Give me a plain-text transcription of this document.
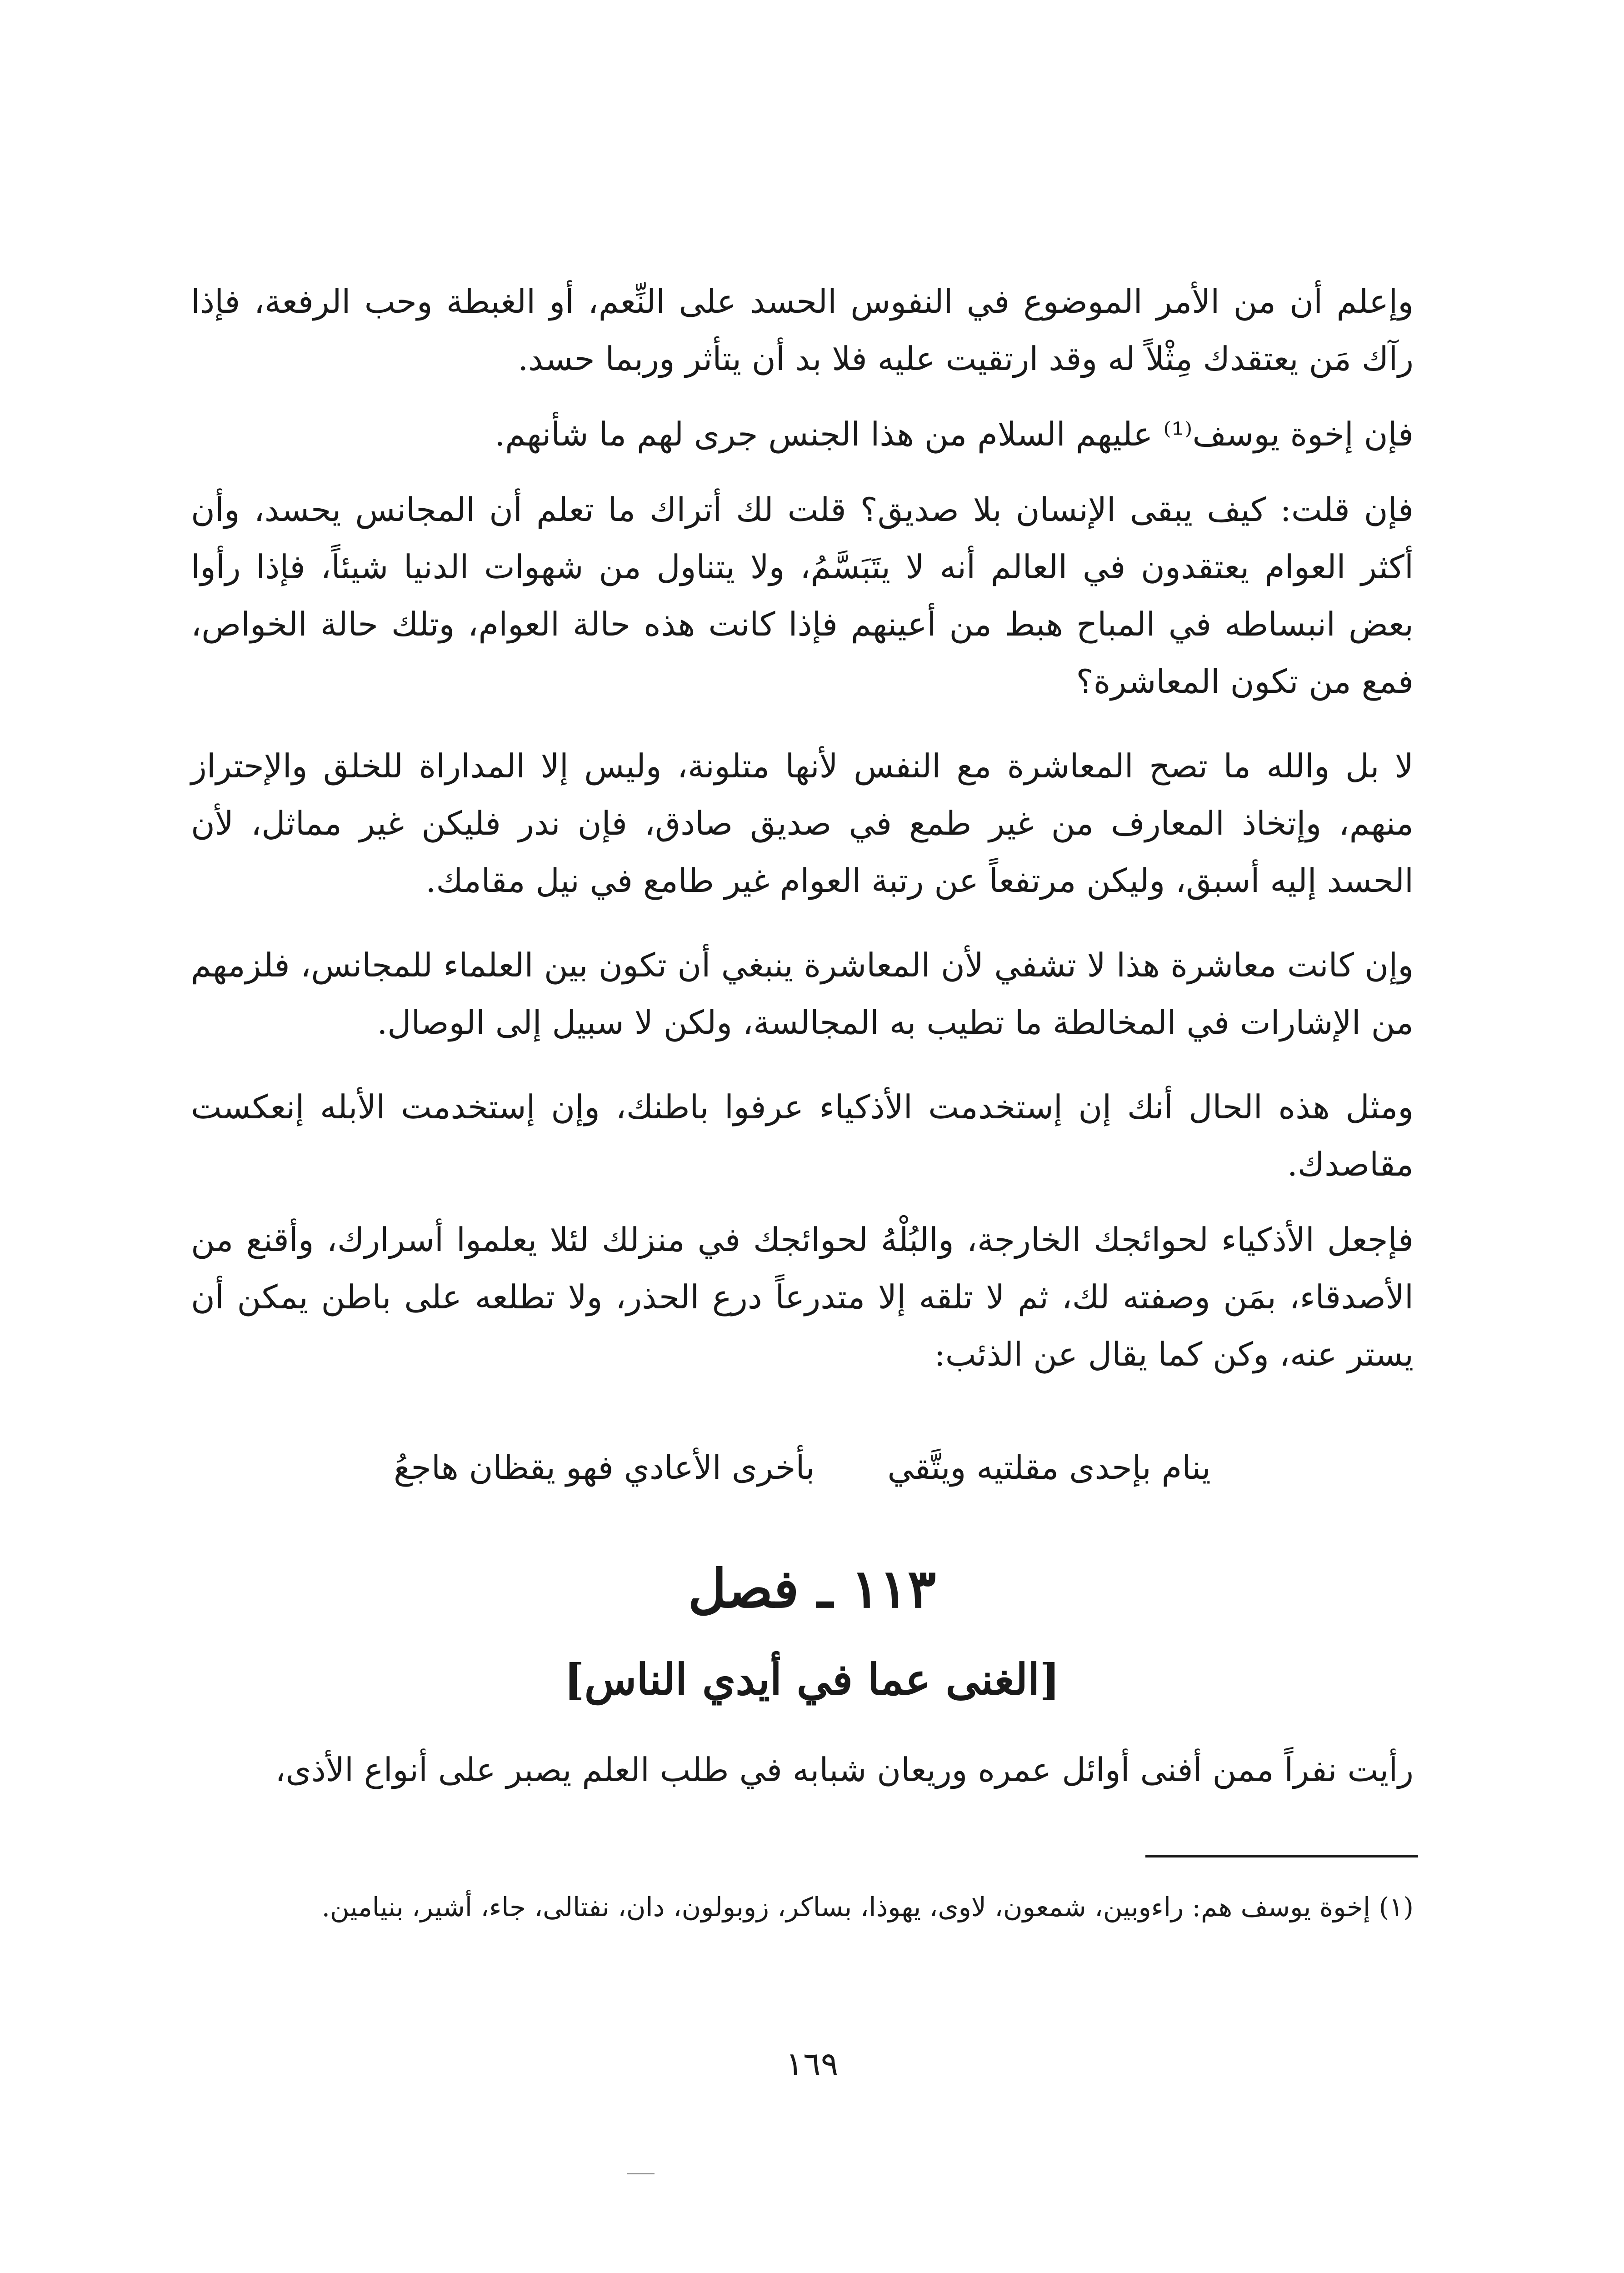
وإعلم أن من الأمر الموضوع في النفوس الحسد على النِّعم، أو الغبطة وحب الرفعة، فإذا رآك مَن يعتقدك مِثْلاً له وقد ارتقيت عليه فلا بد أن يتأثر وربما حسد.

فإن إخوة يوسف⁽¹⁾ عليهم السلام من هذا الجنس جرى لهم ما شأنهم.

فإن قلت: كيف يبقى الإنسان بلا صديق؟ قلت لك أتراك ما تعلم أن المجانس يحسد، وأن أكثر العوام يعتقدون في العالم أنه لا يتَبَسَّمُ، ولا يتناول من شهوات الدنيا شيئاً، فإذا رأوا بعض انبساطه في المباح هبط من أعينهم فإذا كانت هذه حالة العوام، وتلك حالة الخواص، فمع من تكون المعاشرة؟

لا بل والله ما تصح المعاشرة مع النفس لأنها متلونة، وليس إلا المداراة للخلق والإحتراز منهم، وإتخاذ المعارف من غير طمع في صديق صادق، فإن ندر فليكن غير مماثل، لأن الحسد إليه أسبق، وليكن مرتفعاً عن رتبة العوام غير طامع في نيل مقامك.

وإن كانت معاشرة هذا لا تشفي لأن المعاشرة ينبغي أن تكون بين العلماء للمجانس، فلزمهم من الإشارات في المخالطة ما تطيب به المجالسة، ولكن لا سبيل إلى الوصال.

ومثل هذه الحال أنك إن إستخدمت الأذكياء عرفوا باطنك، وإن إستخدمت الأبله إنعكست مقاصدك.

فإجعل الأذكياء لحوائجك الخارجة، والبُلْهُ لحوائجك في منزلك لئلا يعلموا أسرارك، وأقنع من الأصدقاء، بمَن وصفته لك، ثم لا تلقه إلا متدرعاً درع الحذر، ولا تطلعه على باطن يمكن أن يستر عنه، وكن كما يقال عن الذئب:

ينام بإحدى مقلتيه ويتَّقي
بأخرى الأعادي فهو يقظان هاجعُ
١١٣ ـ فصل
[الغنى عما في أيدي الناس]

رأيت نفراً ممن أفنى أوائل عمره وريعان شبابه في طلب العلم يصبر على أنواع الأذى،

(١) إخوة يوسف هم: راءوبين، شمعون، لاوى، يهوذا، بساكر، زوبولون، دان، نفتالى، جاء، أشير، بنيامين.
١٦٩
